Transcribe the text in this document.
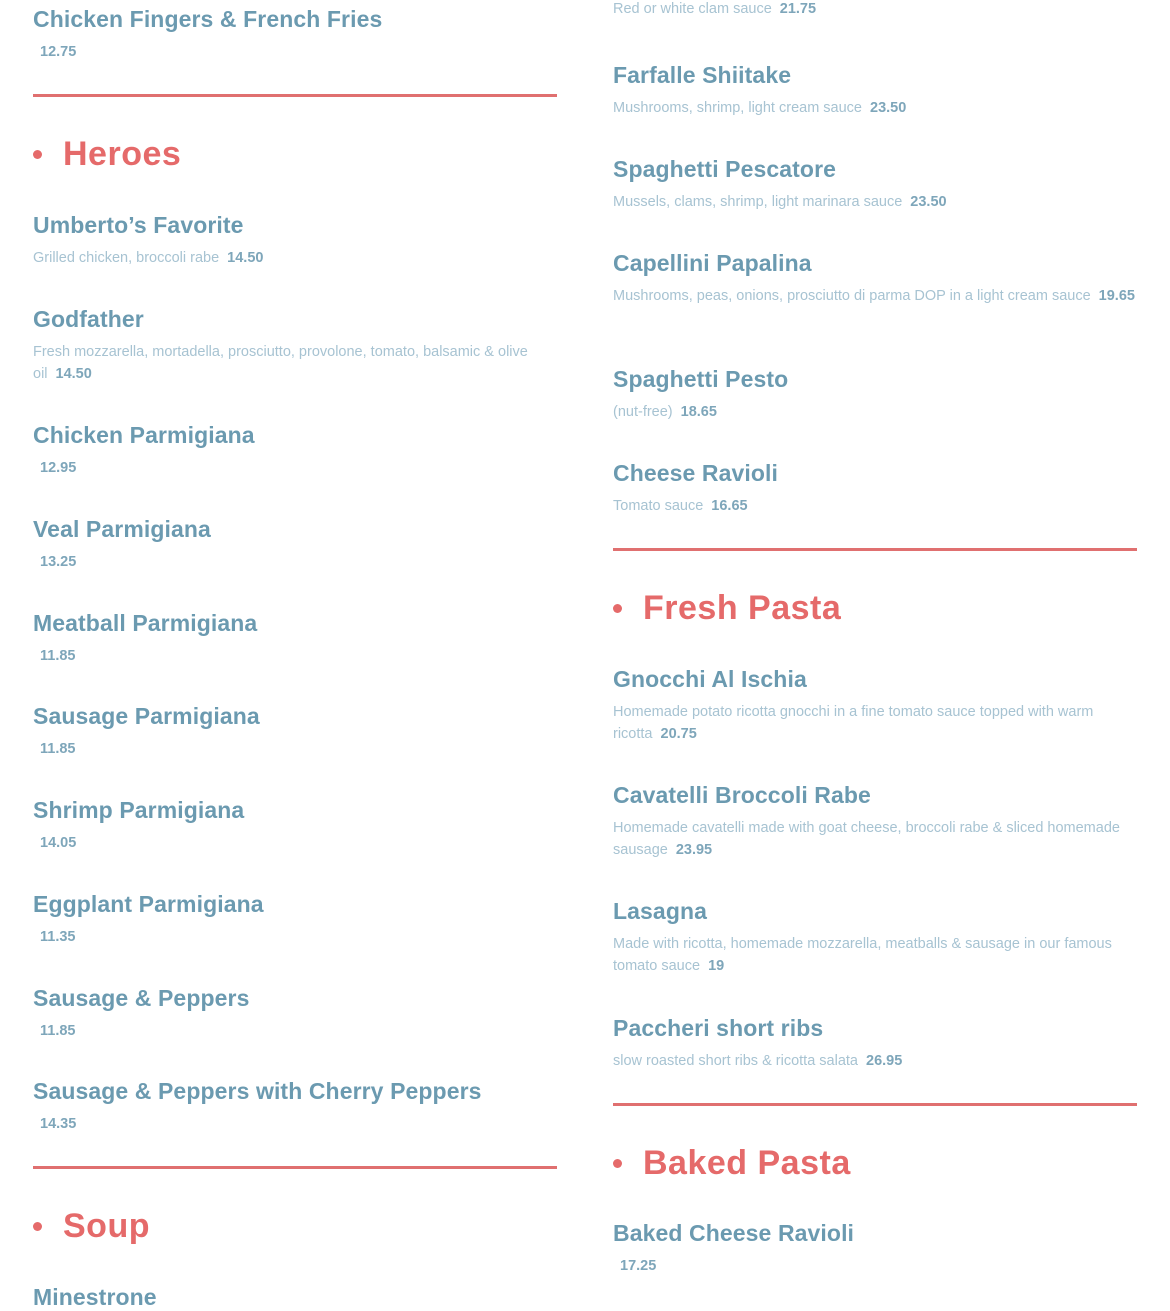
Chicken Fingers & French Fries
12.75
Heroes
Umberto’s Favorite
Grilled chicken, broccoli rabe 14.50
Godfather
Fresh mozzarella, mortadella, prosciutto, provolone, tomato, balsamic & olive oil 14.50
Chicken Parmigiana
12.95
Veal Parmigiana
13.25
Meatball Parmigiana
11.85
Sausage Parmigiana
11.85
Shrimp Parmigiana
14.05
Eggplant Parmigiana
11.35
Sausage & Peppers
11.85
Sausage & Peppers with Cherry Peppers
14.35
Soup
Minestrone
Red or white clam sauce 21.75
Farfalle Shiitake
Mushrooms, shrimp, light cream sauce 23.50
Spaghetti Pescatore
Mussels, clams, shrimp, light marinara sauce 23.50
Capellini Papalina
Mushrooms, peas, onions, prosciutto di parma DOP in a light cream sauce 19.65
Spaghetti Pesto
(nut-free) 18.65
Cheese Ravioli
Tomato sauce 16.65
Fresh Pasta
Gnocchi Al Ischia
Homemade potato ricotta gnocchi in a fine tomato sauce topped with warm ricotta 20.75
Cavatelli Broccoli Rabe
Homemade cavatelli made with goat cheese, broccoli rabe & sliced homemade sausage 23.95
Lasagna
Made with ricotta, homemade mozzarella, meatballs & sausage in our famous tomato sauce 19
Paccheri short ribs
slow roasted short ribs & ricotta salata 26.95
Baked Pasta
Baked Cheese Ravioli
17.25
